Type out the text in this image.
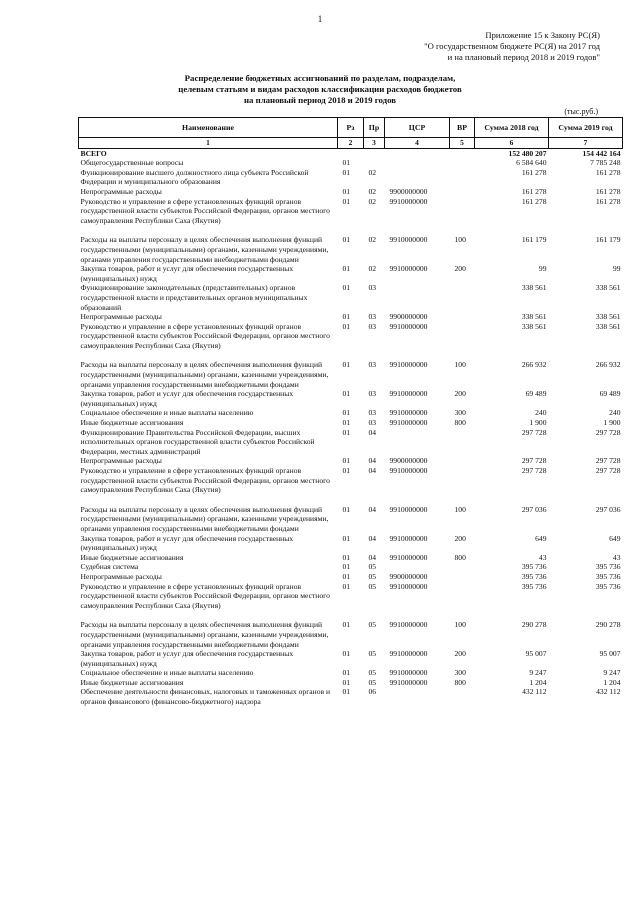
1
Приложение 15 к Закону РС(Я)
"О государственном бюджете РС(Я) на 2017 год
и на плановый период 2018 и 2019 годов"
Распределение бюджетных ассигнований по разделам, подразделам,
целевым статьям и видам расходов классификации расходов бюджетов
на плановый период 2018 и 2019 годов
(тыс.руб.)
Наименование	Рз	Пр	ЦСР	ВР	Сумма 2018 год	Сумма 2019 год
1	2	3	4	5	6	7
ВСЕГО					152 480 207	154 442 164
Общегосударственные вопросы	01				6 584 640	7 785 248
Функционирование высшего должностного лица субъекта Российской Федерации и муниципального образования	01	02			161 278	161 278
Непрограммные расходы	01	02	9900000000		161 278	161 278
Руководство и управление в сфере установленных функций органов государственной власти субъектов Российской Федерации, органов местного самоуправления Республики Саха (Якутия)	01	02	9910000000		161 278	161 278

Расходы на выплаты персоналу в целях обеспечения выполнения функций государственными (муниципальными) органами, казенными учреждениями, органами управления государственными внебюджетными фондами	01	02	9910000000	100	161 179	161 179
Закупка товаров, работ и услуг для обеспечения государственных (муниципальных) нужд	01	02	9910000000	200	99	99
Функционирование законодательных (представительных) органов государственной власти и представительных органов муниципальных образований	01	03			338 561	338 561
Непрограммные расходы	01	03	9900000000		338 561	338 561
Руководство и управление в сфере установленных функций органов государственной власти субъектов Российской Федерации, органов местного самоуправления Республики Саха (Якутия)	01	03	9910000000		338 561	338 561

Расходы на выплаты персоналу в целях обеспечения выполнения функций государственными (муниципальными) органами, казенными учреждениями, органами управления государственными внебюджетными фондами	01	03	9910000000	100	266 932	266 932
Закупка товаров, работ и услуг для обеспечения государственных (муниципальных) нужд	01	03	9910000000	200	69 489	69 489
Социальное обеспечение и иные выплаты населению	01	03	9910000000	300	240	240
Иные бюджетные ассигнования	01	03	9910000000	800	1 900	1 900
Функционирование Правительства Российской Федерации, высших исполнительных органов государственной власти субъектов Российской Федерации, местных администраций	01	04			297 728	297 728
Непрограммные расходы	01	04	9900000000		297 728	297 728
Руководство и управление в сфере установленных функций органов государственной власти субъектов Российской Федерации, органов местного самоуправления Республики Саха (Якутия)	01	04	9910000000		297 728	297 728

Расходы на выплаты персоналу в целях обеспечения выполнения функций государственными (муниципальными) органами, казенными учреждениями, органами управления государственными внебюджетными фондами	01	04	9910000000	100	297 036	297 036
Закупка товаров, работ и услуг для обеспечения государственных (муниципальных) нужд	01	04	9910000000	200	649	649
Иные бюджетные ассигнования	01	04	9910000000	800	43	43
Судебная система	01	05			395 736	395 736
Непрограммные расходы	01	05	9900000000		395 736	395 736
Руководство и управление в сфере установленных функций органов государственной власти субъектов Российской Федерации, органов местного самоуправления Республики Саха (Якутия)	01	05	9910000000		395 736	395 736

Расходы на выплаты персоналу в целях обеспечения выполнения функций государственными (муниципальными) органами, казенными учреждениями, органами управления государственными внебюджетными фондами	01	05	9910000000	100	290 278	290 278
Закупка товаров, работ и услуг для обеспечения государственных (муниципальных) нужд	01	05	9910000000	200	95 007	95 007
Социальное обеспечение и иные выплаты населению	01	05	9910000000	300	9 247	9 247
Иные бюджетные ассигнования	01	05	9910000000	800	1 204	1 204
Обеспечение деятельности финансовых, налоговых и таможенных органов и органов финансового (финансово-бюджетного) надзора	01	06			432 112	432 112
